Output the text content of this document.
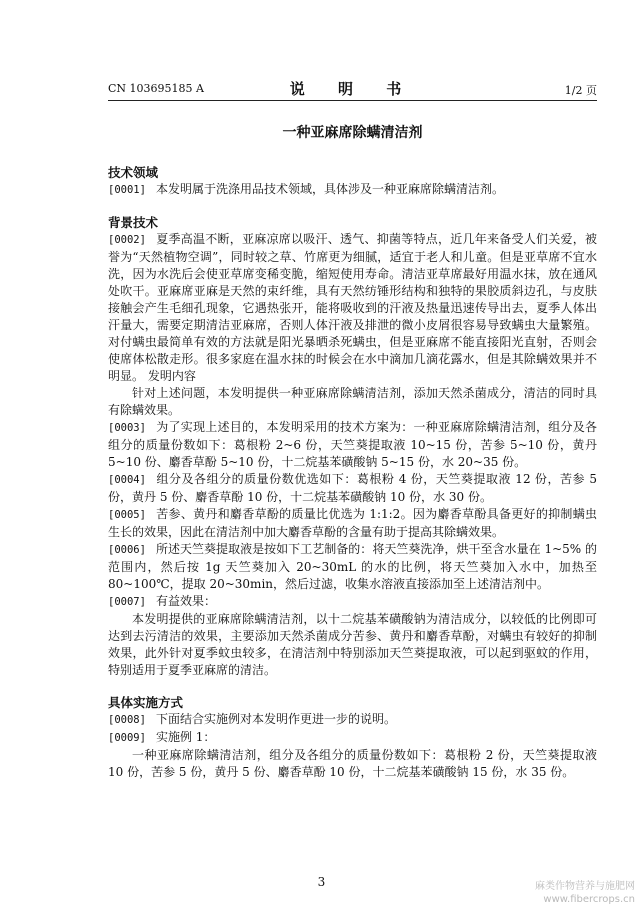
CN 103695185 A	说 明 书	1/2 页
一种亚麻席除螨清洁剂
技术领域

[0001] 本发明属于洗涤用品技术领域，具体涉及一种亚麻席除螨清洁剂。

背景技术

[0002] 夏季高温不断，亚麻凉席以吸汗、透气、抑菌等特点，近几年来备受人们关爱，被誉为“天然植物空调”，同时较之草、竹席更为细腻，适宜于老人和儿童。但是亚草席不宜水洗，因为水洗后会使亚草席变稀变脆，缩短使用寿命。清洁亚草席最好用温水抹，放在通风处吹干。亚麻席亚麻是天然的束纤维，具有天然纺锤形结构和独特的果胶质斜边孔，与皮肤接触会产生毛细孔现象，它遇热张开，能将吸收到的汗液及热量迅速传导出去，夏季人体出汗量大，需要定期清洁亚麻席，否则人体汗液及排泄的微小皮屑很容易导致螨虫大量繁殖。对付螨虫最简单有效的方法就是阳光暴晒杀死螨虫，但是亚麻席不能直接阳光直射，否则会使席体松散走形。很多家庭在温水抹的时候会在水中滴加几滴花露水，但是其除螨效果并不明显。 发明内容

针对上述问题，本发明提供一种亚麻席除螨清洁剂，添加天然杀菌成分，清洁的同时具有除螨效果。

[0003] 为了实现上述目的，本发明采用的技术方案为：一种亚麻席除螨清洁剂，组分及各组分的质量份数如下：葛根粉 2~6 份，天竺葵提取液 10~15 份，苦参 5~10 份，黄丹 5~10 份、麝香草酚 5~10 份，十二烷基苯磺酸钠 5~15 份，水 20~35 份。

[0004] 组分及各组分的质量份数优选如下：葛根粉 4 份，天竺葵提取液 12 份，苦参 5 份，黄丹 5 份、麝香草酚 10 份，十二烷基苯磺酸钠 10 份，水 30 份。

[0005] 苦参、黄丹和麝香草酚的质量比优选为 1:1:2。因为麝香草酚具备更好的抑制螨虫生长的效果，因此在清洁剂中加大麝香草酚的含量有助于提高其除螨效果。

[0006] 所述天竺葵提取液是按如下工艺制备的：将天竺葵洗净，烘干至含水量在 1~5% 的范围内，然后按 1g 天竺葵加入 20~30mL 的水的比例，将天竺葵加入水中，加热至 80~100℃，提取 20~30min，然后过滤，收集水溶液直接添加至上述清洁剂中。

[0007] 有益效果：

本发明提供的亚麻席除螨清洁剂，以十二烷基苯磺酸钠为清洁成分，以较低的比例即可达到去污清洁的效果，主要添加天然杀菌成分苦参、黄丹和麝香草酚，对螨虫有较好的抑制效果，此外针对夏季蚊虫较多，在清洁剂中特别添加天竺葵提取液，可以起到驱蚊的作用，特别适用于夏季亚麻席的清洁。

具体实施方式

[0008] 下面结合实施例对本发明作更进一步的说明。

[0009] 实施例 1：

一种亚麻席除螨清洁剂，组分及各组分的质量份数如下：葛根粉 2 份，天竺葵提取液 10 份，苦参 5 份，黄丹 5 份、麝香草酚 10 份，十二烷基苯磺酸钠 15 份，水 35 份。

3	麻类作物营养与施肥网
www.fibercrops.cn
